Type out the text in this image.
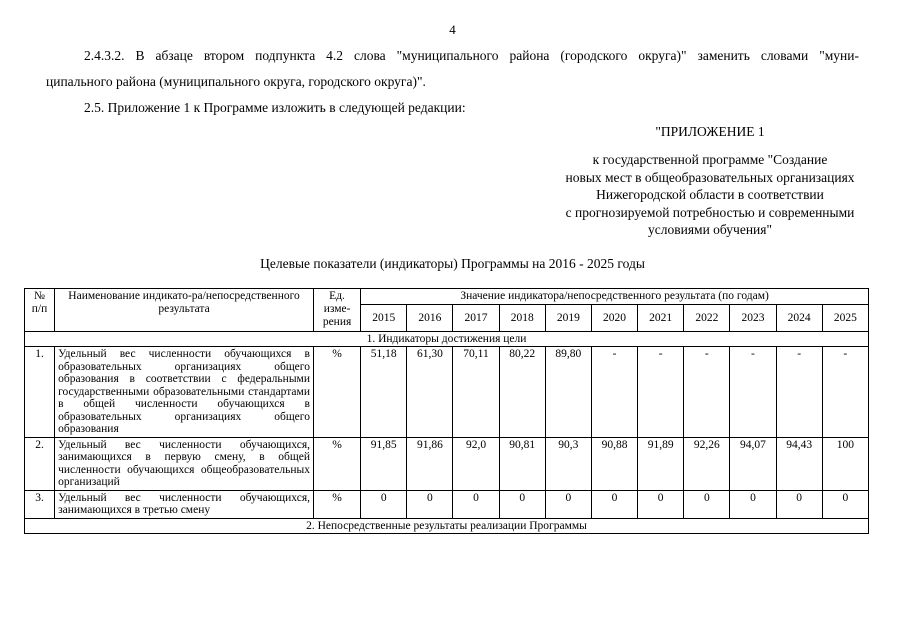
4
2.4.3.2. В абзаце втором подпункта 4.2 слова "муниципального района (городского округа)" заменить словами "муни-
ципального района (муниципального округа, городского округа)".
2.5. Приложение 1 к Программе изложить в следующей редакции:
"ПРИЛОЖЕНИЕ 1
к государственной программе "Создание
новых мест в общеобразовательных организациях
Нижегородской области в соответствии
с прогнозируемой потребностью и современными
условиями обучения"
Целевые показатели (индикаторы) Программы на 2016 - 2025 годы
№ п/п	Наименование индикато-ра/непосредственного результата	Ед. изме-рения	Значение индикатора/непосредственного результата (по годам)										
			2015	2016	2017	2018	2019	2020	2021	2022	2023	2024	2025
1. Индикаторы достижения цели													
1.	Удельный вес численности обучающихся в образовательных организациях общего образования в соответствии с федеральными государственными образовательными стандартами в общей численности обучающихся в образовательных организациях общего образования	%	51,18	61,30	70,11	80,22	89,80	-	-	-	-	-	-
2.	Удельный вес численности обучающихся, занимающихся в первую смену, в общей численности обучающихся общеобразовательных организаций	%	91,85	91,86	92,0	90,81	90,3	90,88	91,89	92,26	94,07	94,43	100
3.	Удельный вес численности обучающихся, занимающихся в третью смену	%	0	0	0	0	0	0	0	0	0	0	0
2. Непосредственные результаты реализации Программы													
